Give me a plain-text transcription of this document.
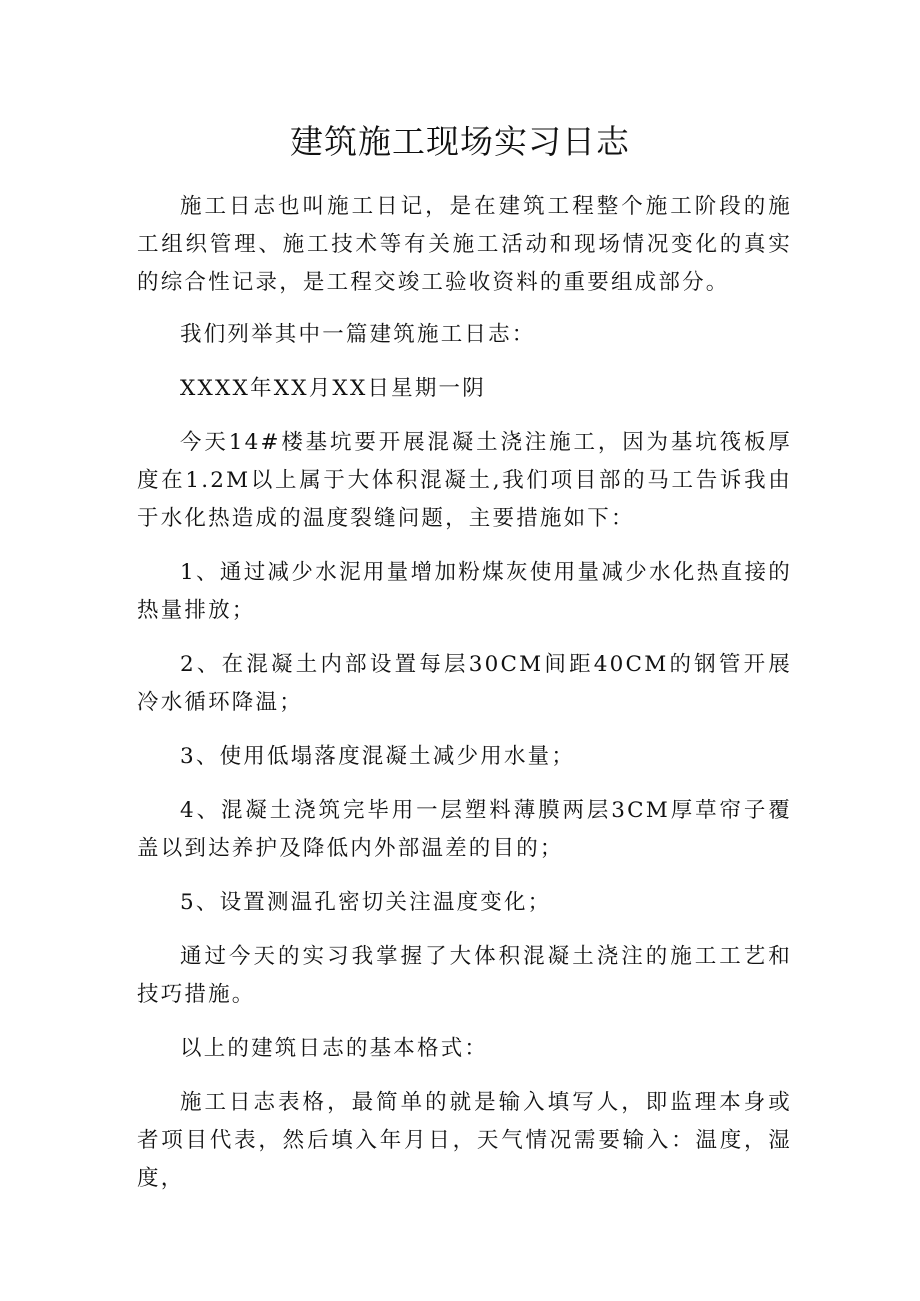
建筑施工现场实习日志

施工日志也叫施工日记，是在建筑工程整个施工阶段的施工组织管理、施工技术等有关施工活动和现场情况变化的真实的综合性记录，是工程交竣工验收资料的重要组成部分。

我们列举其中一篇建筑施工日志：

XXXX年XX月XX日星期一阴

今天14#楼基坑要开展混凝土浇注施工，因为基坑筏板厚度在1.2M以上属于大体积混凝土,我们项目部的马工告诉我由于水化热造成的温度裂缝问题，主要措施如下：

1、通过减少水泥用量增加粉煤灰使用量减少水化热直接的热量排放；

2、在混凝土内部设置每层30CM间距40CM的钢管开展冷水循环降温；

3、使用低塌落度混凝土减少用水量；

4、混凝土浇筑完毕用一层塑料薄膜两层3CM厚草帘子覆盖以到达养护及降低内外部温差的目的；

5、设置测温孔密切关注温度变化；

通过今天的实习我掌握了大体积混凝土浇注的施工工艺和技巧措施。

以上的建筑日志的基本格式：

施工日志表格，最简单的就是输入填写人，即监理本身或者项目代表，然后填入年月日，天气情况需要输入：温度，湿度，
